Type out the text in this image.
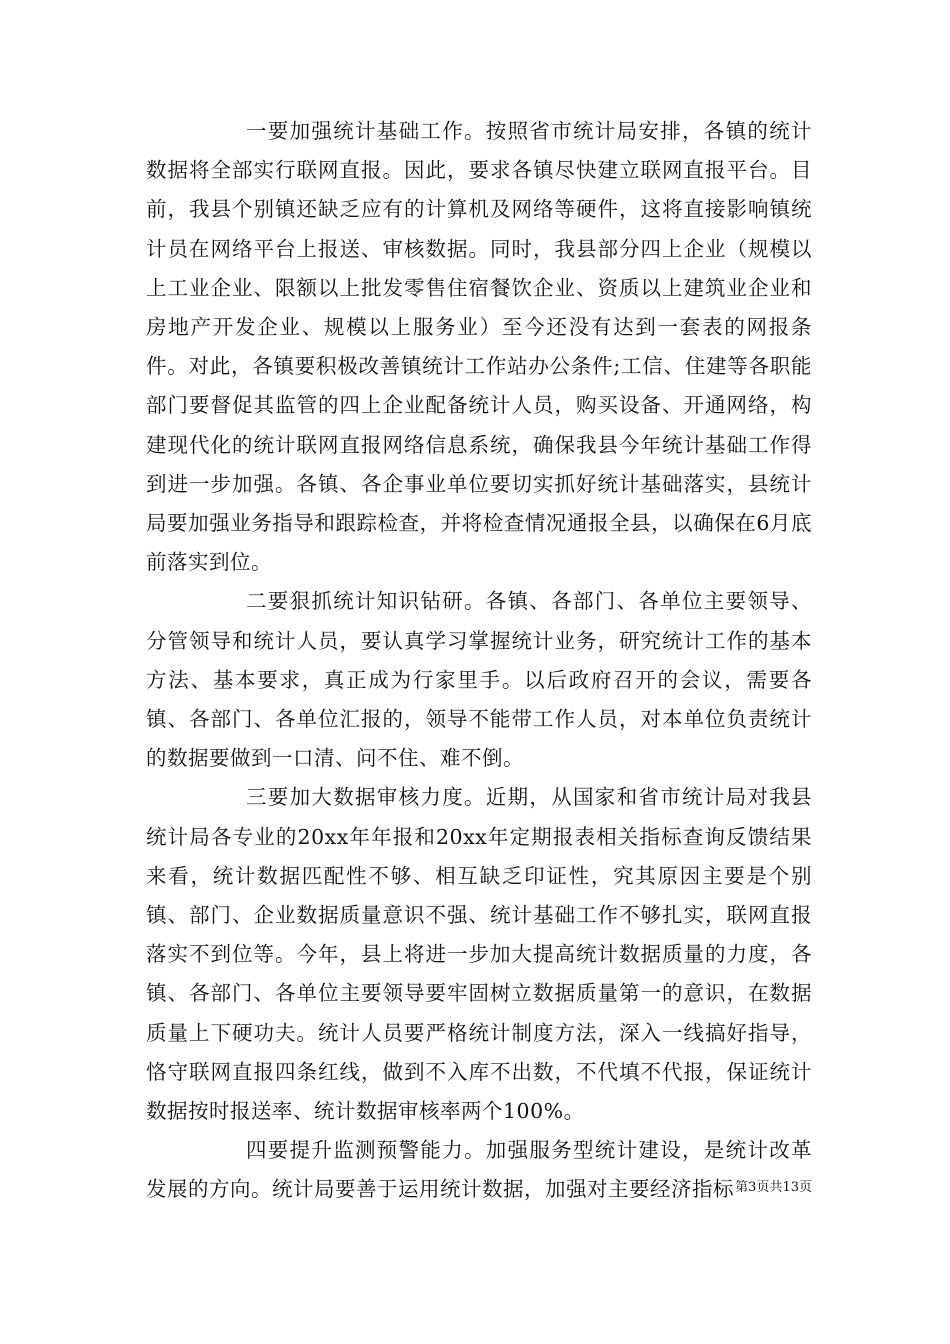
一要加强统计基础工作。按照省市统计局安排，各镇的统计数据将全部实行联网直报。因此，要求各镇尽快建立联网直报平台。目前，我县个别镇还缺乏应有的计算机及网络等硬件，这将直接影响镇统计员在网络平台上报送、审核数据。同时，我县部分四上企业（规模以上工业企业、限额以上批发零售住宿餐饮企业、资质以上建筑业企业和房地产开发企业、规模以上服务业）至今还没有达到一套表的网报条件。对此，各镇要积极改善镇统计工作站办公条件;工信、住建等各职能部门要督促其监管的四上企业配备统计人员，购买设备、开通网络，构建现代化的统计联网直报网络信息系统，确保我县今年统计基础工作得到进一步加强。各镇、各企事业单位要切实抓好统计基础落实，县统计局要加强业务指导和跟踪检查，并将检查情况通报全县，以确保在6月底前落实到位。

二要狠抓统计知识钻研。各镇、各部门、各单位主要领导、分管领导和统计人员，要认真学习掌握统计业务，研究统计工作的基本方法、基本要求，真正成为行家里手。以后政府召开的会议，需要各镇、各部门、各单位汇报的，领导不能带工作人员，对本单位负责统计的数据要做到一口清、问不住、难不倒。

三要加大数据审核力度。近期，从国家和省市统计局对我县统计局各专业的20xx年年报和20xx年定期报表相关指标查询反馈结果来看，统计数据匹配性不够、相互缺乏印证性，究其原因主要是个别镇、部门、企业数据质量意识不强、统计基础工作不够扎实，联网直报落实不到位等。今年，县上将进一步加大提高统计数据质量的力度，各镇、各部门、各单位主要领导要牢固树立数据质量第一的意识，在数据质量上下硬功夫。统计人员要严格统计制度方法，深入一线搞好指导，恪守联网直报四条红线，做到不入库不出数，不代填不代报，保证统计数据按时报送率、统计数据审核率两个100%。

四要提升监测预警能力。加强服务型统计建设，是统计改革发展的方向。统计局要善于运用统计数据，加强对主要经济指标 第3页共13页
